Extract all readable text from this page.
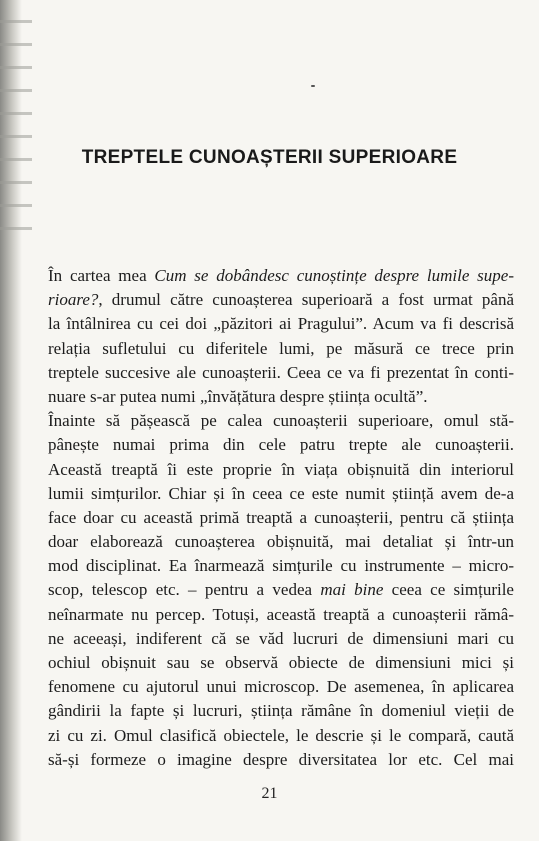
TREPTELE CUNOAȘTERII SUPERIOARE
În cartea mea Cum se dobândesc cunoștințe despre lumile supe-
rioare?, drumul către cunoașterea superioară a fost urmat până
la întâlnirea cu cei doi „păzitori ai Pragului”. Acum va fi descrisă
relația sufletului cu diferitele lumi, pe măsură ce trece prin
treptele succesive ale cunoașterii. Ceea ce va fi prezentat în conti-
nuare s-ar putea numi „învățătura despre știința ocultă”.
Înainte să pășească pe calea cunoașterii superioare, omul stă-
pânește numai prima din cele patru trepte ale cunoașterii.
Această treaptă îi este proprie în viața obișnuită din interiorul
lumii simțurilor. Chiar și în ceea ce este numit știință avem de-a
face doar cu această primă treaptă a cunoașterii, pentru că știința
doar elaborează cunoașterea obișnuită, mai detaliat și într-un
mod disciplinat. Ea înarmează simțurile cu instrumente – micro-
scop, telescop etc. – pentru a vedea mai bine ceea ce simțurile
neînarmate nu percep. Totuși, această treaptă a cunoașterii rămâ-
ne aceeași, indiferent că se văd lucruri de dimensiuni mari cu
ochiul obișnuit sau se observă obiecte de dimensiuni mici și
fenomene cu ajutorul unui microscop. De asemenea, în aplicarea
gândirii la fapte și lucruri, știința rămâne în domeniul vieții de
zi cu zi. Omul clasifică obiectele, le descrie și le compară, caută
să-și formeze o imagine despre diversitatea lor etc. Cel mai
21
